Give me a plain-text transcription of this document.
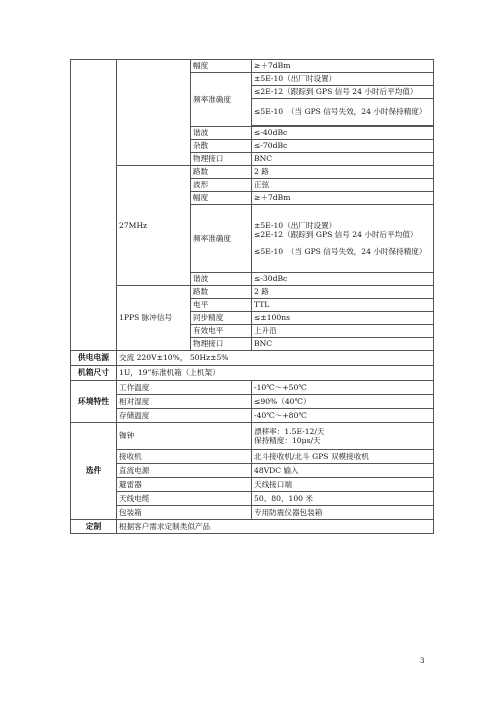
		幅度	≥＋7dBm
		频率准确度	±5E-10（出厂时设置）
			≤2E-12（跟踪到 GPS 信号 24 小时后平均值）
			≤5E-10　（当 GPS 信号失效，24 小时保持精度）

		谐波	≤-40dBc
		杂散	≤-70dBc
		物理接口	BNC
	27MHz	路数	2 路
		波形	正弦
		幅度	≥＋7dBm
		频率准确度	±5E-10（出厂时设置）
≤2E-12（跟踪到 GPS 信号 24 小时后平均值）
≤5E-10　（当 GPS 信号失效，24 小时保持精度）

		谐波	≤-30dBc
	1PPS 脉冲信号	路数	2 路
		电平	TTL
		同步精度	≤±100ns
		有效电平	上升沿
		物理接口	BNC
供电电源	交流 220V±10%， 50Hz±5%		
机箱尺寸	1U，19”标准机箱（上机架）		
环境特性	工作温度		-10℃～+50℃
	相对湿度		≤90%（40℃）
	存储温度		-40℃～+80℃
选件	铷钟		漂移率：1.5E-12/天
保持精度：10μs/天

	接收机		北斗接收机/北斗 GPS 双模接收机
	直流电源		48VDC 输入
	避雷器		天线接口端
	天线电缆		50、80、100 米
	包装箱		专用防震仪器包装箱
定制	根据客户需求定制类似产品		
3
